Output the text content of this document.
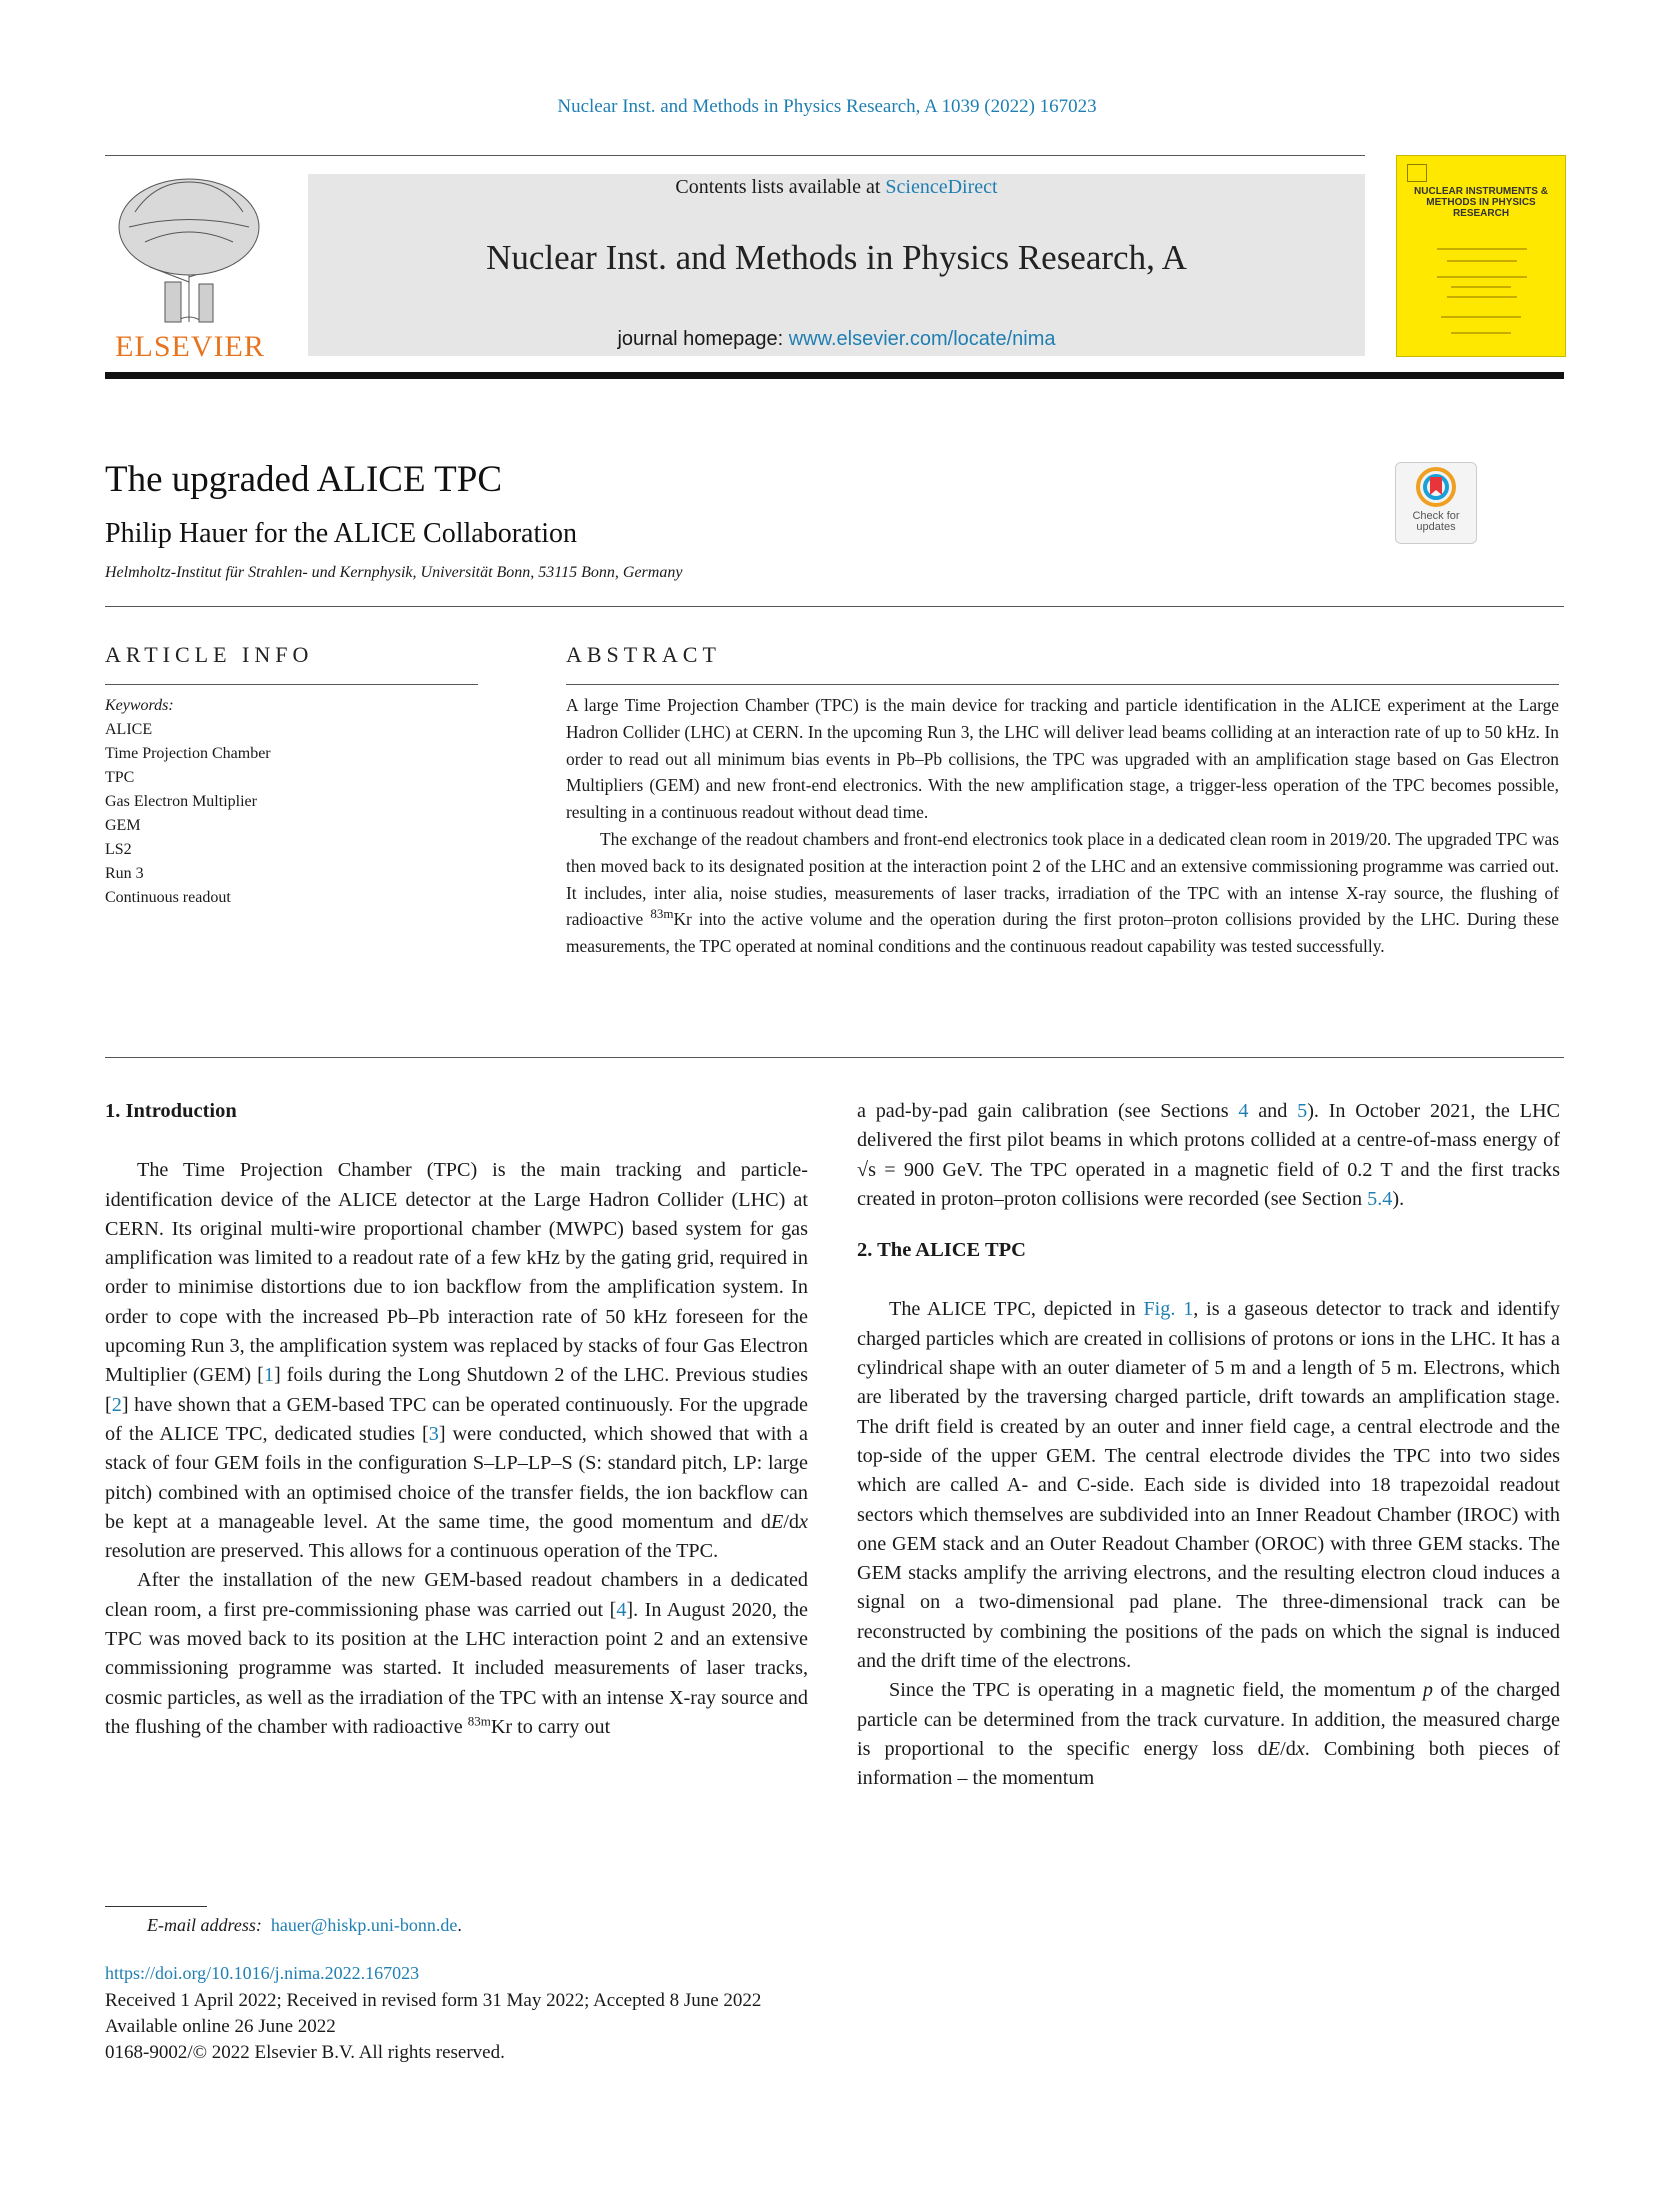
Nuclear Inst. and Methods in Physics Research, A 1039 (2022) 167023
ELSEVIER
Contents lists available at ScienceDirect
Nuclear Inst. and Methods in Physics Research, A
journal homepage: www.elsevier.com/locate/nima
NUCLEAR INSTRUMENTS & METHODS IN PHYSICS RESEARCH
The upgraded ALICE TPC
Philip Hauer for the ALICE Collaboration
Helmholtz-Institut für Strahlen- und Kernphysik, Universität Bonn, 53115 Bonn, Germany
Check for updates
ARTICLE INFO
Keywords:
ALICE
Time Projection Chamber
TPC
Gas Electron Multiplier
GEM
LS2
Run 3
Continuous readout
ABSTRACT

A large Time Projection Chamber (TPC) is the main device for tracking and particle identification in the ALICE experiment at the Large Hadron Collider (LHC) at CERN. In the upcoming Run 3, the LHC will deliver lead beams colliding at an interaction rate of up to 50 kHz. In order to read out all minimum bias events in Pb–Pb collisions, the TPC was upgraded with an amplification stage based on Gas Electron Multipliers (GEM) and new front-end electronics. With the new amplification stage, a trigger-less operation of the TPC becomes possible, resulting in a continuous readout without dead time.

The exchange of the readout chambers and front-end electronics took place in a dedicated clean room in 2019/20. The upgraded TPC was then moved back to its designated position at the interaction point 2 of the LHC and an extensive commissioning programme was carried out. It includes, inter alia, noise studies, measurements of laser tracks, irradiation of the TPC with an intense X-ray source, the flushing of radioactive $^{83m}$Kr into the active volume and the operation during the first proton–proton collisions provided by the LHC. During these measurements, the TPC operated at nominal conditions and the continuous readout capability was tested successfully.

1. Introduction

The Time Projection Chamber (TPC) is the main tracking and particle-identification device of the ALICE detector at the Large Hadron Collider (LHC) at CERN. Its original multi-wire proportional chamber (MWPC) based system for gas amplification was limited to a readout rate of a few kHz by the gating grid, required in order to minimise distortions due to ion backflow from the amplification system. In order to cope with the increased Pb–Pb interaction rate of 50 kHz foreseen for the upcoming Run 3, the amplification system was replaced by stacks of four Gas Electron Multiplier (GEM) [1] foils during the Long Shutdown 2 of the LHC. Previous studies [2] have shown that a GEM-based TPC can be operated continuously. For the upgrade of the ALICE TPC, dedicated studies [3] were conducted, which showed that with a stack of four GEM foils in the configuration S–LP–LP–S (S: standard pitch, LP: large pitch) combined with an optimised choice of the transfer fields, the ion backflow can be kept at a manageable level. At the same time, the good momentum and dE/dx resolution are preserved. This allows for a continuous operation of the TPC.

After the installation of the new GEM-based readout chambers in a dedicated clean room, a first pre-commissioning phase was carried out [4]. In August 2020, the TPC was moved back to its position at the LHC interaction point 2 and an extensive commissioning programme was started. It included measurements of laser tracks, cosmic particles, as well as the irradiation of the TPC with an intense X-ray source and the flushing of the chamber with radioactive $^{83m}$Kr to carry out

a pad-by-pad gain calibration (see Sections 4 and 5). In October 2021, the LHC delivered the first pilot beams in which protons collided at a centre-of-mass energy of √s = 900 GeV. The TPC operated in a magnetic field of 0.2 T and the first tracks created in proton–proton collisions were recorded (see Section 5.4).

2. The ALICE TPC

The ALICE TPC, depicted in Fig. 1, is a gaseous detector to track and identify charged particles which are created in collisions of protons or ions in the LHC. It has a cylindrical shape with an outer diameter of 5 m and a length of 5 m. Electrons, which are liberated by the traversing charged particle, drift towards an amplification stage. The drift field is created by an outer and inner field cage, a central electrode and the top-side of the upper GEM. The central electrode divides the TPC into two sides which are called A- and C-side. Each side is divided into 18 trapezoidal readout sectors which themselves are subdivided into an Inner Readout Chamber (IROC) with one GEM stack and an Outer Readout Chamber (OROC) with three GEM stacks. The GEM stacks amplify the arriving electrons, and the resulting electron cloud induces a signal on a two-dimensional pad plane. The three-dimensional track can be reconstructed by combining the positions of the pads on which the signal is induced and the drift time of the electrons.

Since the TPC is operating in a magnetic field, the momentum p of the charged particle can be determined from the track curvature. In addition, the measured charge is proportional to the specific energy loss dE/dx. Combining both pieces of information – the momentum

E-mail address: hauer@hiskp.uni-bonn.de.
https://doi.org/10.1016/j.nima.2022.167023
Received 1 April 2022; Received in revised form 31 May 2022; Accepted 8 June 2022
Available online 26 June 2022
0168-9002/© 2022 Elsevier B.V. All rights reserved.
